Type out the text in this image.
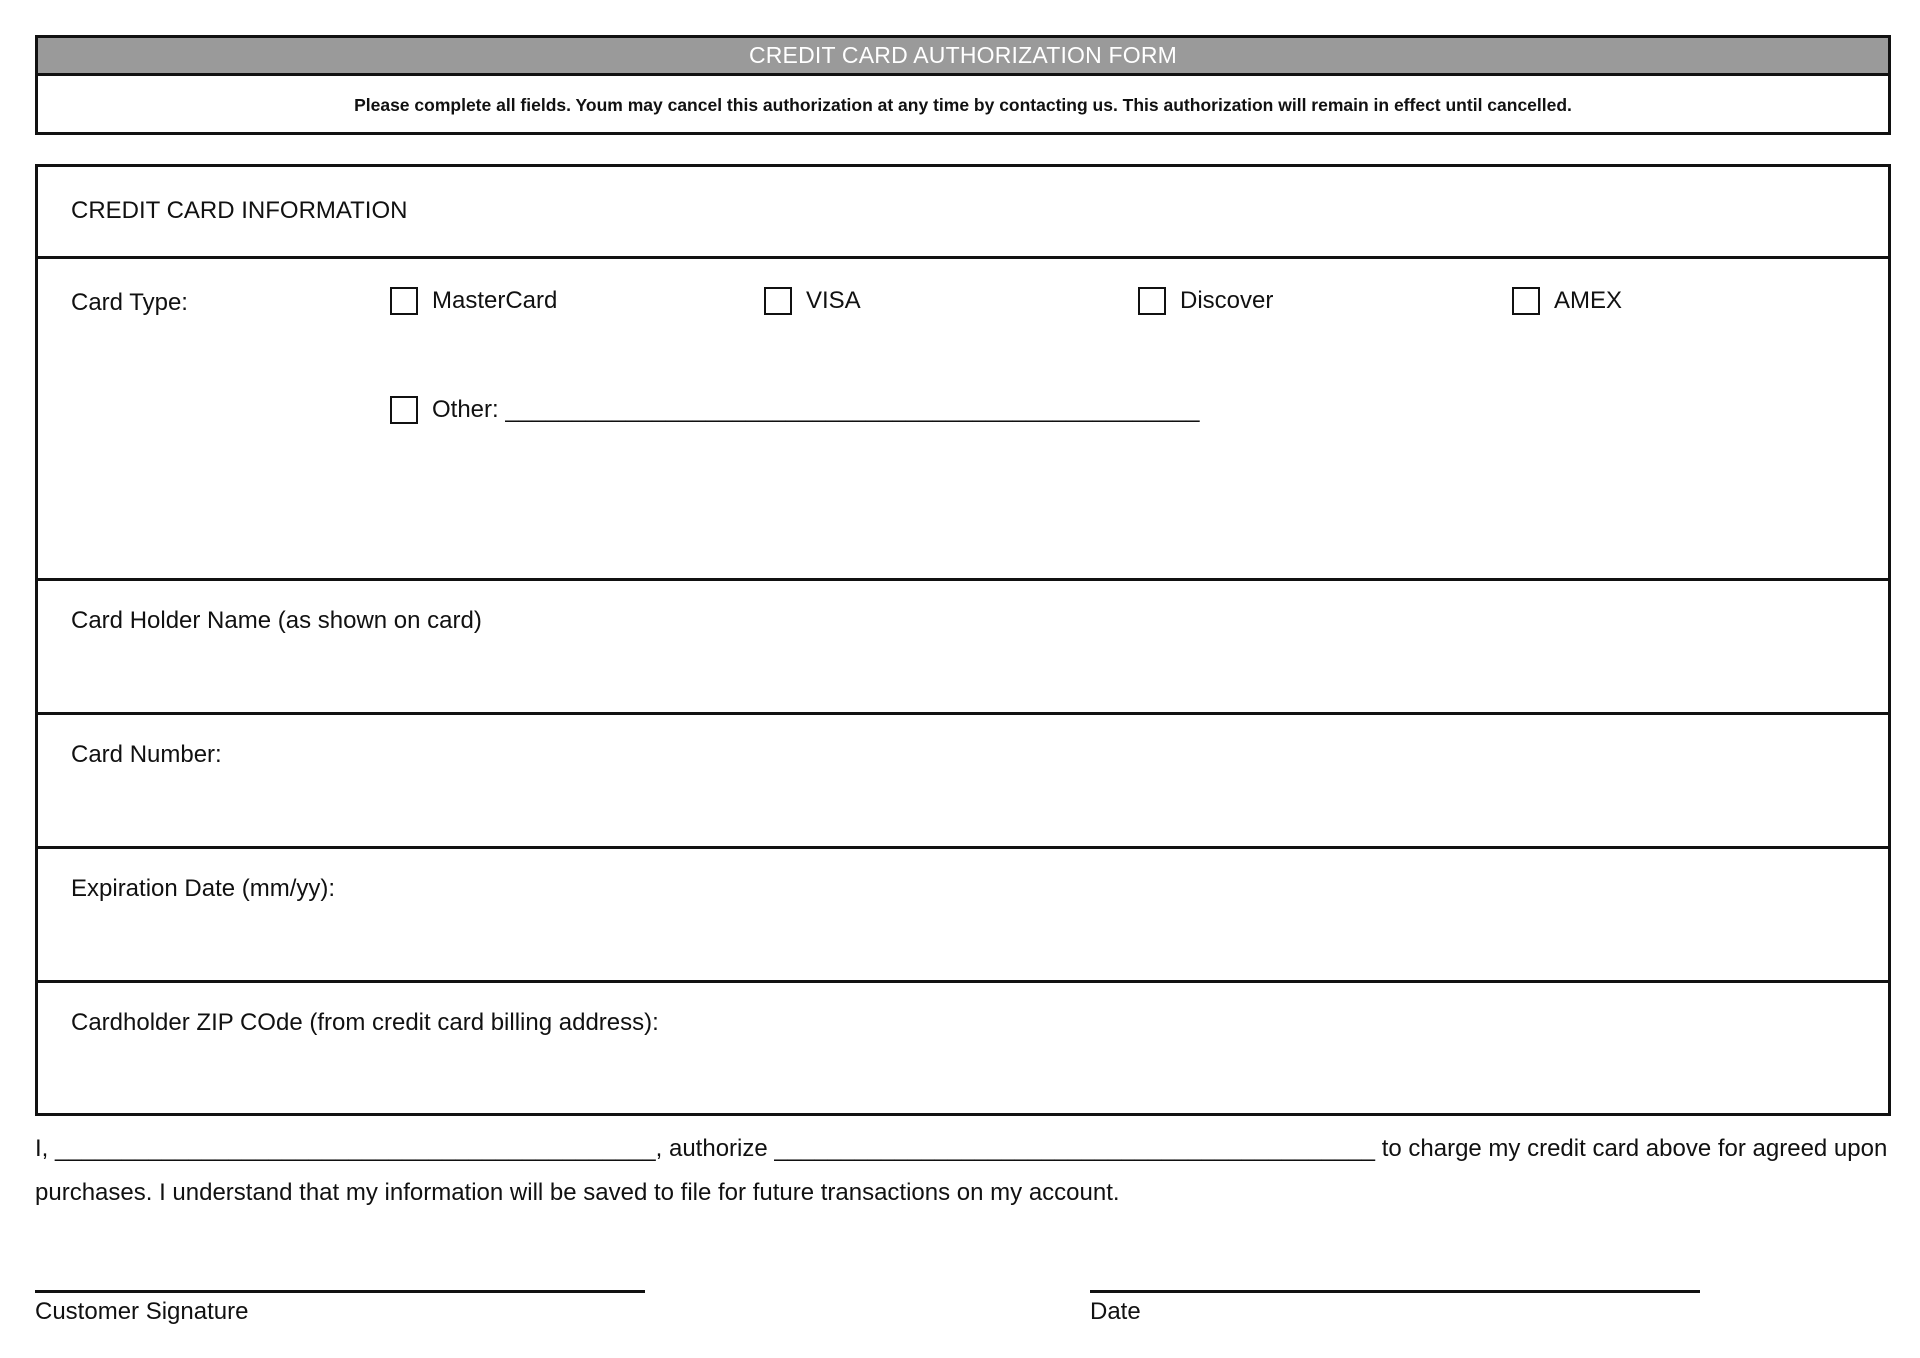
CREDIT CARD AUTHORIZATION FORM
Please complete all fields. Youm may cancel this authorization at any time by contacting us. This authorization will remain in effect until cancelled.
CREDIT CARD INFORMATION
Card Type:	MasterCard	VISA	Discover	AMEX
Other: ____________________________________________________
Card Holder Name (as shown on card)
Card Number:
Expiration Date (mm/yy):
Cardholder ZIP COde (from credit card billing address):
I, _____________________________________________, authorize _____________________________________________ to charge my credit card above for agreed upon purchases. I understand that my information will be saved to file for future transactions on my account.
Customer Signature	Date
